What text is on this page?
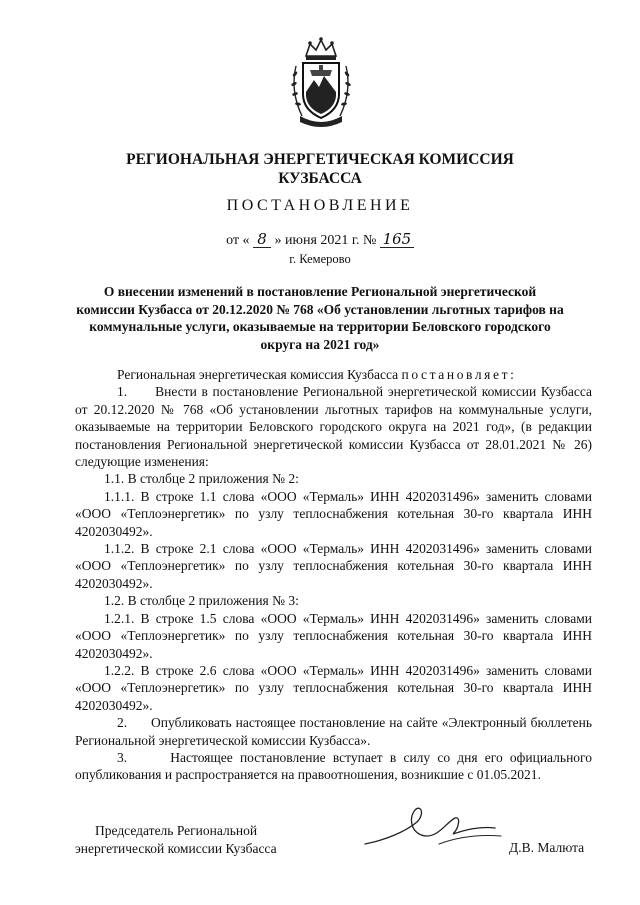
РЕГИОНАЛЬНАЯ ЭНЕРГЕТИЧЕСКАЯ КОМИССИЯ
КУЗБАССА
ПОСТАНОВЛЕНИЕ
от « 8 » июня 2021 г. № 165
г. Кемерово
О внесении изменений в постановление Региональной энергетической комиссии Кузбасса от 20.12.2020 № 768 «Об установлении льготных тарифов на коммунальные услуги, оказываемые на территории Беловского городского округа на 2021 год»

Региональная энергетическая комиссия Кузбасса постановляет:

1.      Внести в постановление Региональной энергетической комиссии Кузбасса от 20.12.2020 № 768 «Об установлении льготных тарифов на коммунальные услуги, оказываемые на территории Беловского городского округа на 2021 год», (в редакции постановления Региональной энергетической комиссии Кузбасса от 28.01.2021 № 26) следующие изменения:

1.1. В столбце 2 приложения № 2:

1.1.1. В строке 1.1 слова «ООО «Термаль» ИНН 4202031496» заменить словами «ООО «Теплоэнергетик» по узлу теплоснабжения котельная 30-го квартала ИНН 4202030492».

1.1.2. В строке 2.1 слова «ООО «Термаль» ИНН 4202031496» заменить словами «ООО «Теплоэнергетик» по узлу теплоснабжения котельная 30-го квартала ИНН 4202030492».

1.2. В столбце 2 приложения № 3:

1.2.1. В строке 1.5 слова «ООО «Термаль» ИНН 4202031496» заменить словами «ООО «Теплоэнергетик» по узлу теплоснабжения котельная 30-го квартала ИНН 4202030492».

1.2.2. В строке 2.6 слова «ООО «Термаль» ИНН 4202031496» заменить словами «ООО «Теплоэнергетик» по узлу теплоснабжения котельная 30-го квартала ИНН 4202030492».

2.      Опубликовать настоящее постановление на сайте «Электронный бюллетень Региональной энергетической комиссии Кузбасса».

3.      Настоящее постановление вступает в силу со дня его официального опубликования и распространяется на правоотношения, возникшие с 01.05.2021.

Председатель Региональной
энергетической комиссии Кузбасса	Д.В. Малюта
